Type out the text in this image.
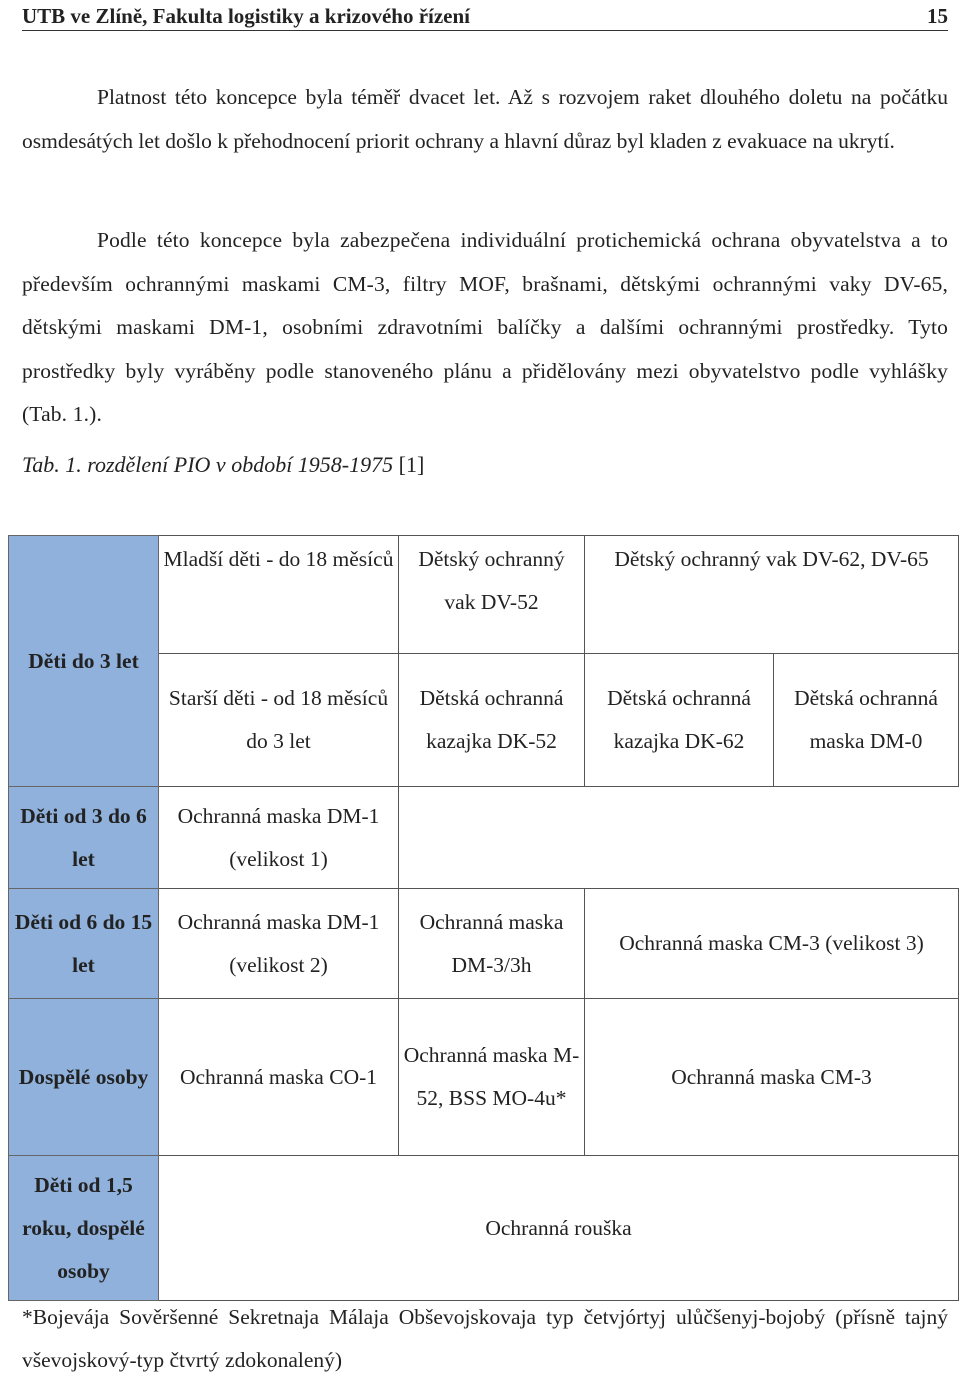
UTB ve Zlíně, Fakulta logistiky a krizového řízení	15

Platnost této koncepce byla téměř dvacet let. Až s rozvojem raket dlouhého doletu na počátku osmdesátých let došlo k přehodnocení priorit ochrany a hlavní důraz byl kladen z evakuace na ukrytí.

Podle této koncepce byla zabezpečena individuální protichemická ochrana obyvatelstva a to především ochrannými maskami CM-3, filtry MOF, brašnami, dětskými ochrannými vaky DV-65, dětskými maskami DM-1, osobními zdravotními balíčky a dalšími ochrannými prostředky. Tyto prostředky byly vyráběny podle stanoveného plánu a přidělovány mezi obyvatelstvo podle vyhlášky (Tab. 1.).

Tab. 1. rozdělení PIO v období 1958-1975 [1]
Děti do 3 let	Mladší děti - do 18 měsíců	Dětský ochranný vak DV-52	Dětský ochranný vak DV-62, DV-65	
	Starší děti - od 18 měsíců do 3 let	Dětská ochranná kazajka DK-52	Dětská ochranná kazajka DK-62	Dětská ochranná maska DM-0
Děti od 3 do 6 let	Ochranná maska DM-1 (velikost 1)			
Děti od 6 do 15 let	Ochranná maska DM-1 (velikost 2)	Ochranná maska DM-3/3h	Ochranná maska CM-3 (velikost 3)	
Dospělé osoby	Ochranná maska CO-1	Ochranná maska M-52, BSS MO-4u*	Ochranná maska CM-3	
Děti od 1,5 roku, dospělé osoby	Ochranná rouška			

*Bojevája Sověršenné Sekretnaja Málaja Obševojskovaja typ četvjórtyj ulůčšenyj-bojobý (přísně tajný vševojskový-typ čtvrtý zdokonalený)
